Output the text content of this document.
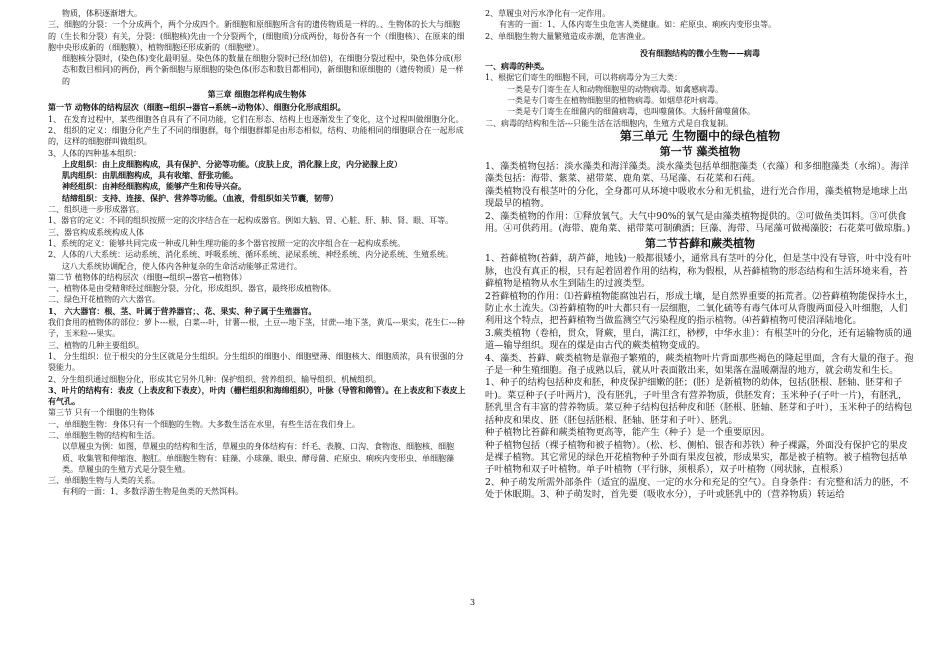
物质，体积逐渐增大。

三、细胞的分裂：一个分成两个，两个分成四个。新细胞和原细胞所含有的遗传物质是一样的。、生物体的长大与细胞的（生长和分裂）有关，分裂：(细胞核)先由一个分裂两个，(细胞质)分成两份，每份各有一个（细胞核）、在原来的细胞中央形成新的（细胞膜），植物细胞还形成新的（细胞壁）。

细胞核分裂时，(染色体)变化最明显。染色体的数量在细胞分裂时已经(加倍)，在细胞分裂过程中，染色体分成(形态和数目相同)的两份，两个新细胞与原细胞的染色体(形态和数目都相同)，新细胞和原细胞的（遗传物质）是一样的

第三章 细胞怎样构成生物体

第一节 动物体的结构层次（细胞→组织→器官→系统→动物体）、细胞分化形成组织。

1、 在发育过程中，某些细胞各自具有了不同功能，它们在形态、结构上也逐渐发生了变化，这个过程叫做细胞分化。

2、 组织的定义：细胞分化产生了不同的细胞群，每个细胞群都是由形态相似，结构、功能相同的细胞联合在一起形成的，这样的细胞群叫做组织。

3、人体的四种基本组织：

上皮组织：由上皮细胞构成，具有保护、分泌等功能。（皮肤上皮，消化腺上皮，内分泌腺上皮）

肌肉组织：由肌细胞构成，具有收缩、舒张功能。

神经组织：由神经细胞构成，能够产生和传导兴奋。

结缔组织：支持、连接、保护、营养等功能。（血液，骨组织如关节囊，韧带）

二、组织进一步形成器官。

1、器官的定义：不同的组织按照一定的次序结合在一起构成器官。例如大脑、胃、心脏、肝、肺、肾、眼、耳等。

三、器官构成系统构成人体

1、系统的定义：能够共同完成一种或几种生理功能的多个器官按照一定的次序组合在一起构成系统。

2、人体的八大系统：运动系统、消化系统、呼吸系统、循环系统、泌尿系统、神经系统、内分泌系统、生殖系统。

这八大系统协调配合，使人体内各种复杂的生命活动能够正常进行。

第二节 植物体的结构层次（细胞→组织→器官→植物体）

一、植物体是由受精卵经过细胞分裂、分化，形成组织、器官，最终形成植物体。

二、绿色开花植物的六大器官。

1、 六大器官：根、茎、叶属于营养器官；、花、果实、种子属于生殖器官。

我们食用的植物体的部位：萝卜---根，白菜---叶，甘薯---根，土豆---地下茎，甘蔗---地下茎，黄瓜---果实，花生仁---种子，玉米粒---果实。

三、植物的几种主要组织。

1、 分生组织：位于根尖的分生区就是分生组织。分生组织的细胞小、细胞壁薄、细胞核大、细胞质浓，具有很强的分裂能力。

2、分生组织通过细胞分化，形成其它另外几种：保护组织、营养组织、输导组织、机械组织。

3、叶片的结构有：表皮（上表皮和下表皮），叶肉（栅栏组织和海绵组织），叶脉（导管和筛管）。在上表皮和下表皮上有气孔。

第三节 只有一个细胞的生物体

一、单细胞生物：身体只有一个细胞的生物。大多数生活在水里，有些生活在我们身上。

二、单细胞生物的结构和生活。

以草履虫为例：如图，草履虫的结构和生活，草履虫的身体结构有：纤毛、表膜、口沟、食物泡、细胞核、细胞质、收集管和伸缩泡、胞肛。单细胞生物有：硅藻、小球藻、眼虫、酵母菌、疟原虫、痢疾内变形虫、单细胞藻类。草履虫的生殖方式是分裂生殖。

三、单细胞生物与人类的关系。

有利的一面：1、多数浮游生物是鱼类的天然饵料。

2、草履虫对污水净化有一定作用。

有害的一面：1、人体内寄生虫危害人类健康。如：疟原虫、痢疾内变形虫等。

2、单细胞生物大量繁殖造成赤潮，危害渔业。

没有细胞结构的微小生物——病毒

一、病毒的种类。

1、根据它们寄生的细胞不同，可以将病毒分为三大类：

一类是专门寄生在人和动物细胞里的动物病毒。如禽感病毒。

一类是专门寄生在植物细胞里的植物病毒。如烟草花叶病毒。

一类是专门寄生在细菌内的细菌病毒，也叫噬菌体。大肠杆菌噬菌体。

二、病毒的结构和生活---只能生活在活细胞内，生殖方式是自我复制。

第三单元 生物圈中的绿色植物

第一节 藻类植物

1、藻类植物包括：淡水藻类和海洋藻类。淡水藻类包括单细胞藻类（衣藻）和多细胞藻类（水绵）。海洋藻类包括：海带、紫菜、裙带菜、鹿角菜、马尾藻、石花菜和石莼。

藻类植物没有根茎叶的分化，全身都可从环境中吸收水分和无机盐，进行光合作用，藻类植物是地球上出现最早的植物。

2、藻类植物的作用：①释放氧气。大气中90%的氧气是由藻类植物提供的。②可做鱼类饵料。③可供食用。④可供药用。(海带、鹿角菜、裙带菜可制碘酒；巨藻、海带、马尾藻可做褐藻胶；石花菜可做琼脂。)

第二节苔藓和蕨类植物

1、苔藓植物(苔藓，葫芦藓，地钱)一般都很矮小，通常具有茎叶的分化，但是茎中没有导管，叶中没有叶脉，也没有真正的根，只有起着固着作用的结构，称为假根，从苔藓植物的形态结构和生活环境来看，苔藓植物是植物从水生到陆生的过渡类型。

2苔藓植物的作用：⑴苔藓植物能腐蚀岩石，形成土壤，是自然界重要的拓荒者。⑵苔藓植物能保持水土，防止水土流失。⑶苔藓植物的叶大都只有一层细胞，二氧化硫等有毒气体可从背腹两面侵入叶细胞，人们利用这个特点，把苔藓植物当做监测空气污染程度的指示植物。⑷苔藓植物可使沼泽陆地化。

3.蕨类植物（卷柏，贯众，肾蕨，里白，满江红，桫椤，中华水韭）：有根茎叶的分化，还有运输物质的通道—输导组织。现在的煤是由古代的蕨类植物变成的。

4、藻类、苔藓、蕨类植物是靠孢子繁殖的，蕨类植物叶片背面那些褐色的隆起里面，含有大量的孢子。孢子是一种生殖细胞。孢子成熟以后，就从叶表面散出来，如果落在温暖潮湿的地方，就会萌发和生长。

1、种子的结构包括种皮和胚，种皮保护细嫩的胚；(胚）是新植物的幼体，包括(胚根、胚轴、胚芽和子叶)。菜豆种子(子叶两片)，没有胚乳，子叶里含有营养物质，供胚发育；玉米种子(子叶一片)，有胚乳，胚乳里含有丰富的营养物质。菜豆种子结构包括种皮和胚（胚根、胚轴、胚芽和子叶），玉米种子的结构包括种皮和果皮、胚（胚包括胚根、胚轴、胚芽和子叶）、胚乳。

种子植物比苔藓和蕨类植物更高等，能产生（种子）是一个重要原因。

种子植物包括（裸子植物和被子植物）。（松、杉、侧柏、银杏和苏铁）种子裸露，外面没有保护它的果皮是裸子植物。其它常见的绿色开花植物种子外面有果皮包被，形成果实，都是被子植物。被子植物包括单子叶植物和双子叶植物。单子叶植物（平行脉，须根系），双子叶植物（网状脉，直根系）

2、种子萌发所需外部条件（适宜的温度、一定的水分和充足的空气）。自身条件：有完整和活力的胚，不处于休眠期。3、种子萌发时，首先要（吸收水分），子叶或胚乳中的（营养物质）转运给

3
